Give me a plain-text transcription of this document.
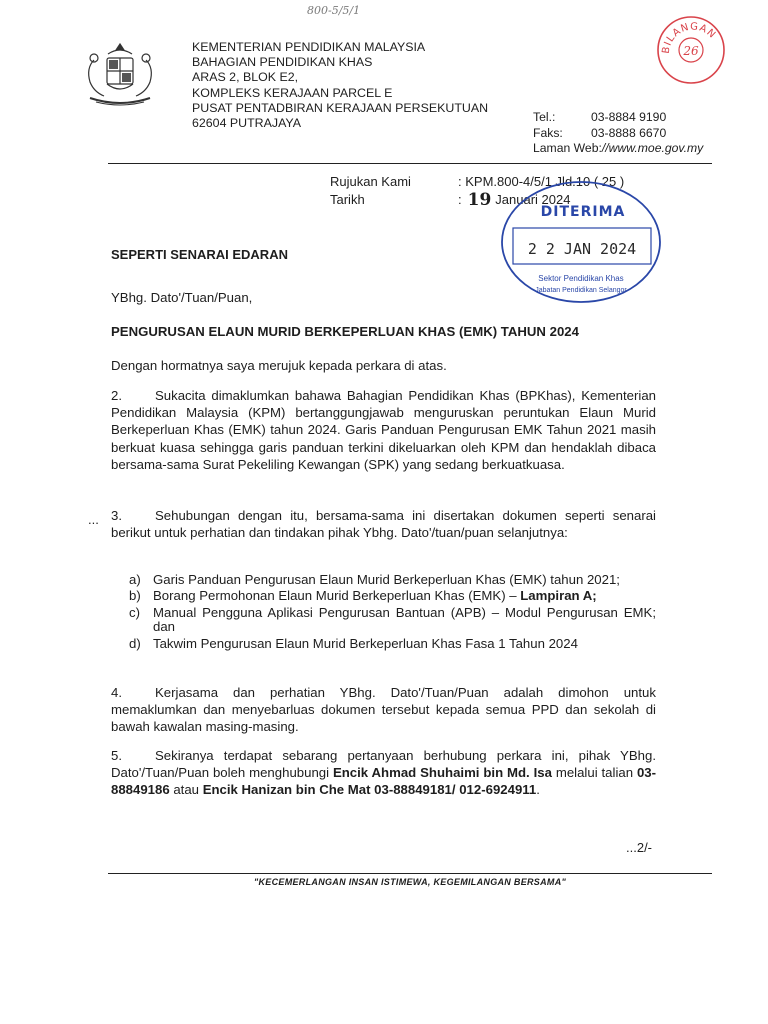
800-5/5/1
KEMENTERIAN PENDIDIKAN MALAYSIA
BAHAGIAN PENDIDIKAN KHAS
ARAS 2, BLOK E2,
KOMPLEKS KERAJAAN PARCEL E
PUSAT PENTADBIRAN KERAJAAN PERSEKUTUAN
62604 PUTRAJAYA	Tel.:	03-8884 9190
Faks:	03-8888 6670
Laman Web: //www.moe.gov.my
BILANGAN
26
Rujukan Kami	: KPM.800-4/5/1 Jld.10 ( 25 )
Tarikh	: 19 Januari 2024
DITERIMA
2 2 JAN 2024
Sektor Pendidikan Khas
Jabatan Pendidikan Selangor
SEPERTI SENARAI EDARAN
YBhg. Dato'/Tuan/Puan,
PENGURUSAN ELAUN MURID BERKEPERLUAN KHAS (EMK) TAHUN 2024
Dengan hormatnya saya merujuk kepada perkara di atas.
2.	Sukacita dimaklumkan bahawa Bahagian Pendidikan Khas (BPKhas), Kementerian Pendidikan Malaysia (KPM) bertanggungjawab menguruskan peruntukan Elaun Murid Berkeperluan Khas (EMK) tahun 2024. Garis Panduan Pengurusan EMK Tahun 2021 masih berkuat kuasa sehingga garis panduan terkini dikeluarkan oleh KPM dan hendaklah dibaca bersama-sama Surat Pekeliling Kewangan (SPK) yang sedang berkuatkuasa.
... 3.	Sehubungan dengan itu, bersama-sama ini disertakan dokumen seperti senarai berikut untuk perhatian dan tindakan pihak Ybhg. Dato'/tuan/puan selanjutnya:
a) Garis Panduan Pengurusan Elaun Murid Berkeperluan Khas (EMK) tahun 2021;
b) Borang Permohonan Elaun Murid Berkeperluan Khas (EMK) – Lampiran A;
c) Manual Pengguna Aplikasi Pengurusan Bantuan (APB) – Modul Pengurusan EMK; dan
d) Takwim Pengurusan Elaun Murid Berkeperluan Khas Fasa 1 Tahun 2024
4.	Kerjasama dan perhatian YBhg. Dato'/Tuan/Puan adalah dimohon untuk memaklumkan dan menyebarluas dokumen tersebut kepada semua PPD dan sekolah di bawah kawalan masing-masing.
5.	Sekiranya terdapat sebarang pertanyaan berhubung perkara ini, pihak YBhg. Dato'/Tuan/Puan boleh menghubungi Encik Ahmad Shuhaimi bin Md. Isa melalui talian 03-88849186 atau Encik Hanizan bin Che Mat 03-88849181/ 012-6924911.
...2/-
"KECEMERLANGAN INSAN ISTIMEWA, KEGEMILANGAN BERSAMA"
